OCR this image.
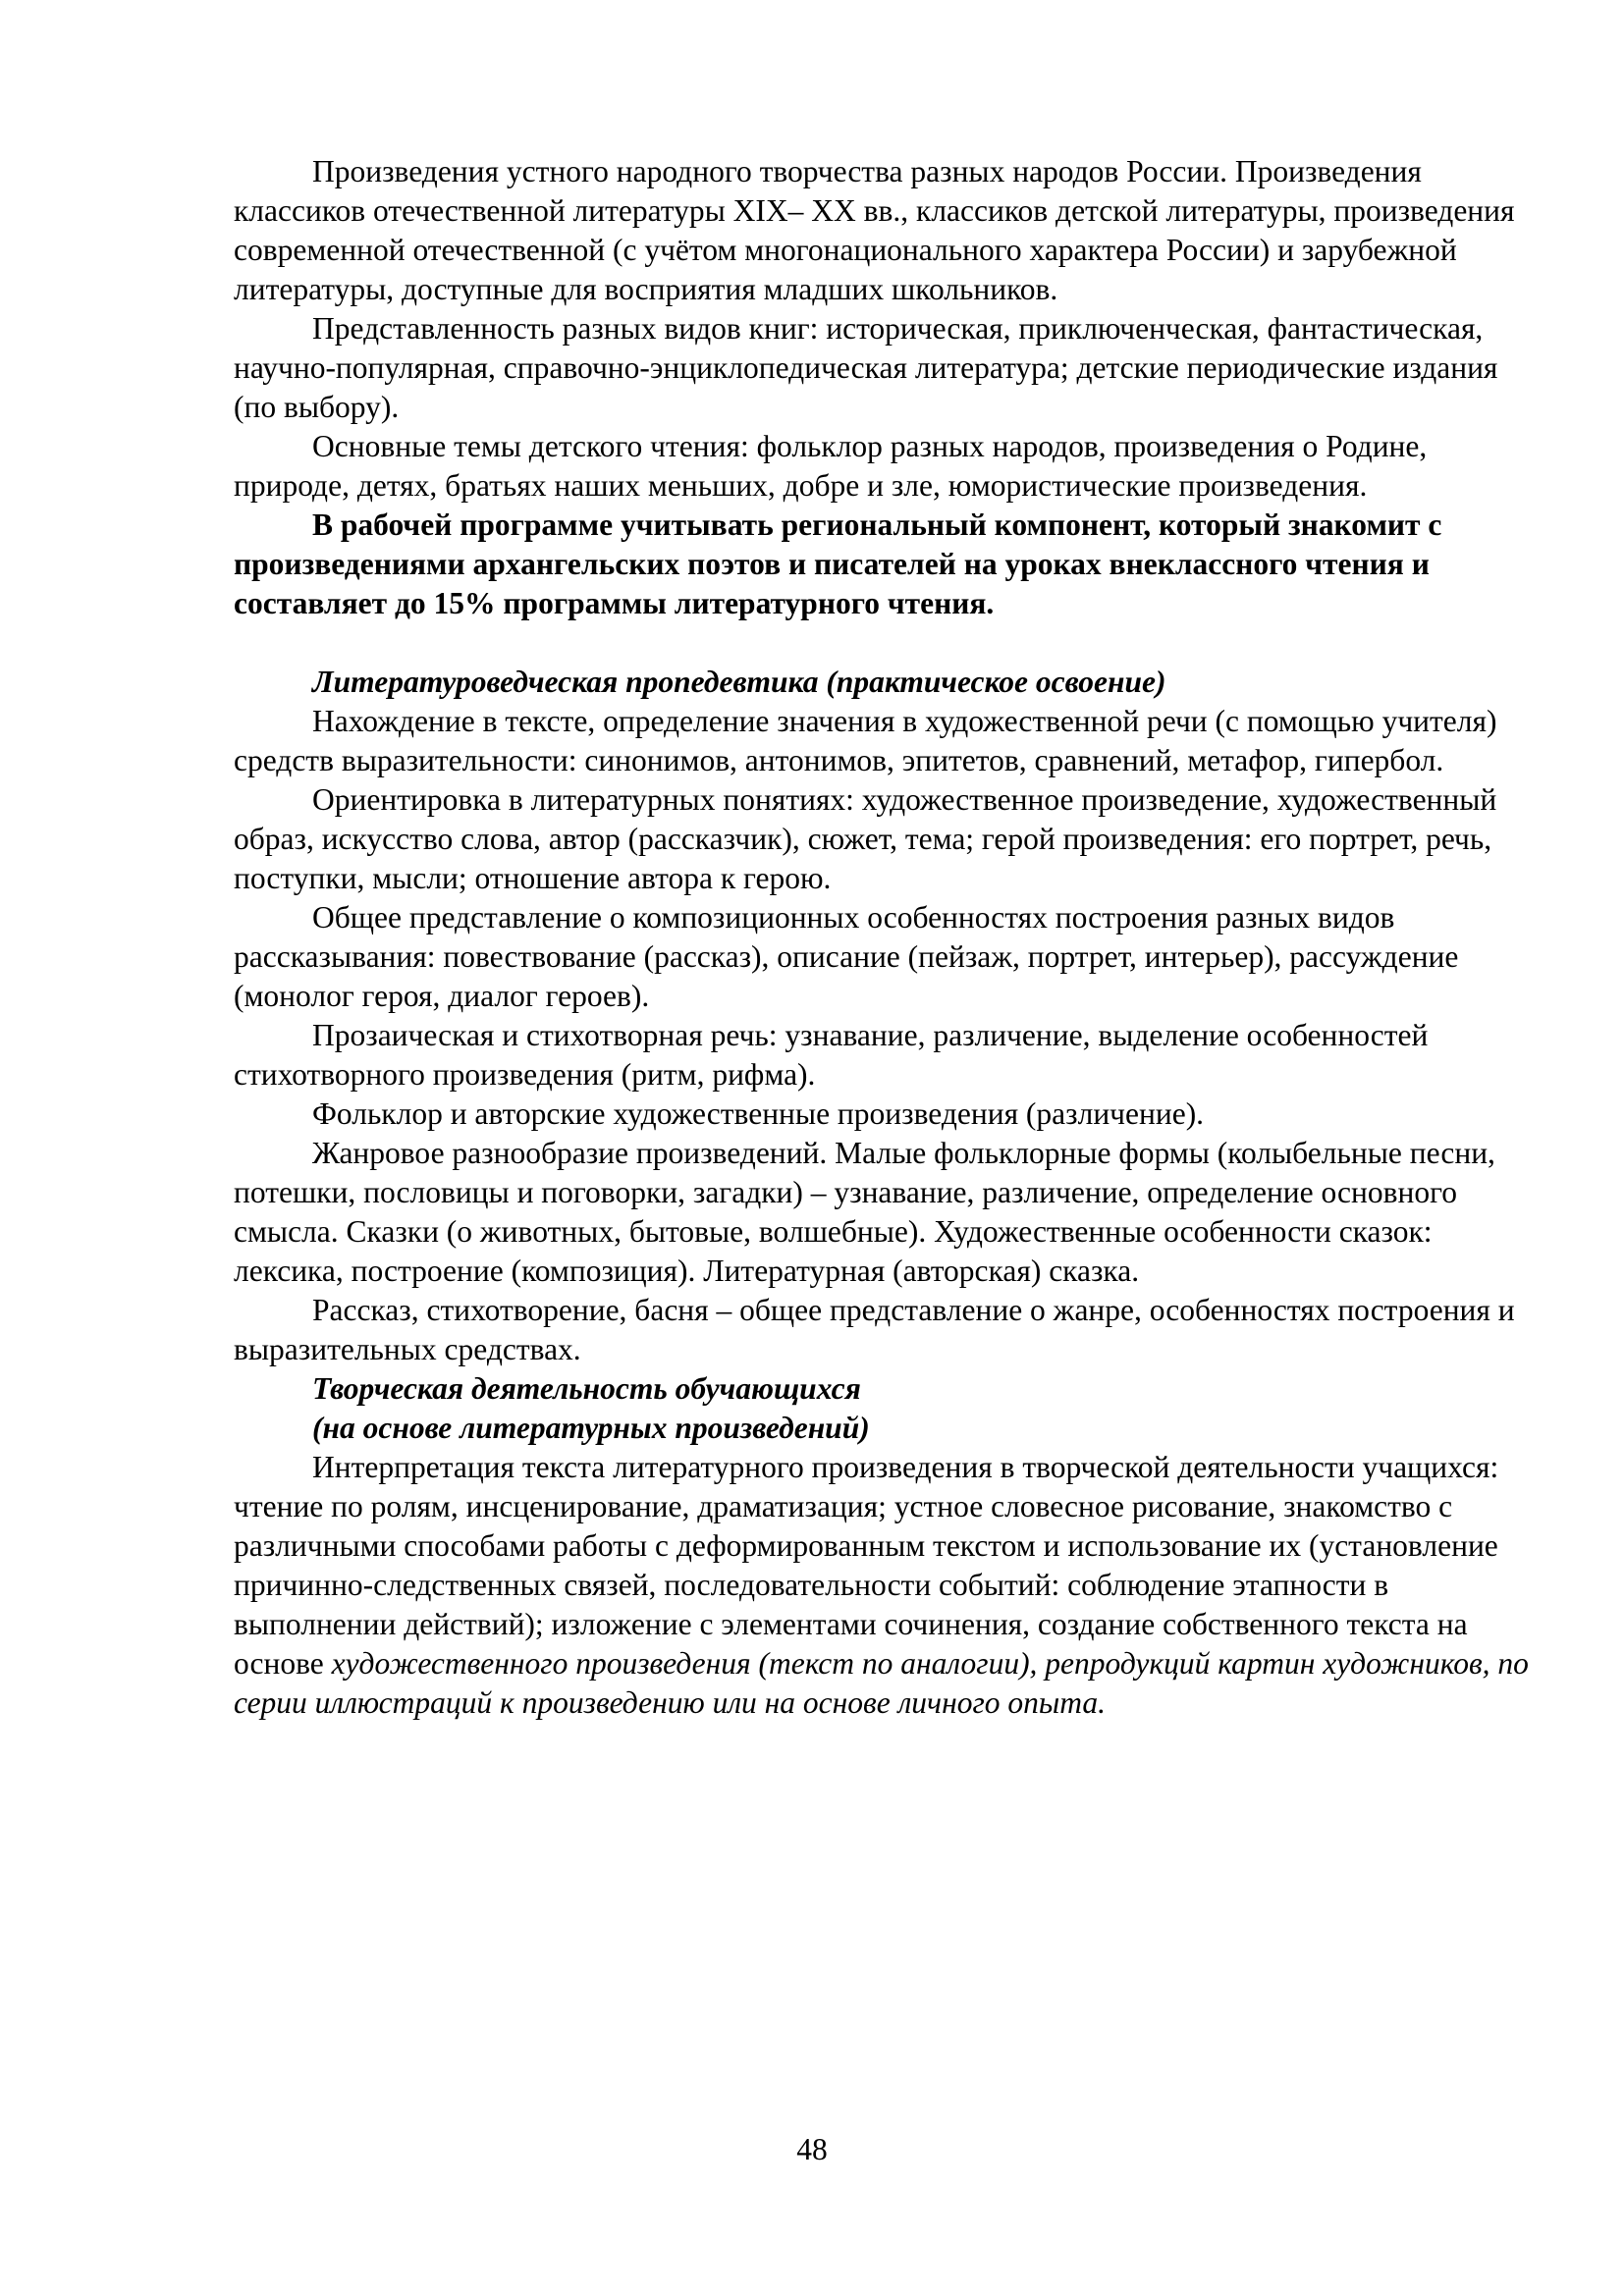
Произведения устного народного творчества разных народов России. Произведения классиков отечественной литературы XIX– XX вв., классиков детской литературы, произведения современной отечественной (с учётом многонационального характера России) и зарубежной литературы, доступные для восприятия младших школьников.

Представленность разных видов книг: историческая, приключенческая, фантастическая, научно-популярная, справочно-энциклопедическая литература; детские периодические издания (по выбору).

Основные темы детского чтения: фольклор разных народов, произведения о Родине, природе, детях, братьях наших меньших, добре и зле, юмористические произведения.

В рабочей программе учитывать региональный компонент, который знакомит с произведениями архангельских поэтов и писателей на уроках внеклассного чтения и составляет до 15% программы литературного чтения.

Литературоведческая пропедевтика (практическое освоение)

Нахождение в тексте, определение значения в художественной речи (с помощью учителя) средств выразительности: синонимов, антонимов, эпитетов, сравнений, метафор, гипербол.

Ориентировка в литературных понятиях: художественное произведение, художественный образ, искусство слова, автор (рассказчик), сюжет, тема; герой произведения: его портрет, речь, поступки, мысли; отношение автора к герою.

Общее представление о композиционных особенностях построения разных видов рассказывания: повествование (рассказ), описание (пейзаж, портрет, интерьер), рассуждение (монолог героя, диалог героев).

Прозаическая и стихотворная речь: узнавание, различение, выделение особенностей стихотворного произведения (ритм, рифма).

Фольклор и авторские художественные произведения (различение).

Жанровое разнообразие произведений. Малые фольклорные формы (колыбельные песни, потешки, пословицы и поговорки, загадки) – узнавание, различение, определение основного смысла. Сказки (о животных, бытовые, волшебные). Художественные особенности сказок: лексика, построение (композиция). Литературная (авторская) сказка.

Рассказ, стихотворение, басня – общее представление о жанре, особенностях построения и выразительных средствах.

Творческая деятельность обучающихся

(на основе литературных произведений)

Интерпретация текста литературного произведения в творческой деятельности учащихся: чтение по ролям, инсценирование, драматизация; устное словесное рисование, знакомство с различными способами работы с деформированным текстом и использование их (установление причинно-следственных связей, последовательности событий: соблюдение этапности в выполнении действий); изложение с элементами сочинения, создание собственного текста на основе художественного произведения (текст по аналогии), репродукций картин художников, по серии иллюстраций к произведению или на основе личного опыта.

48
